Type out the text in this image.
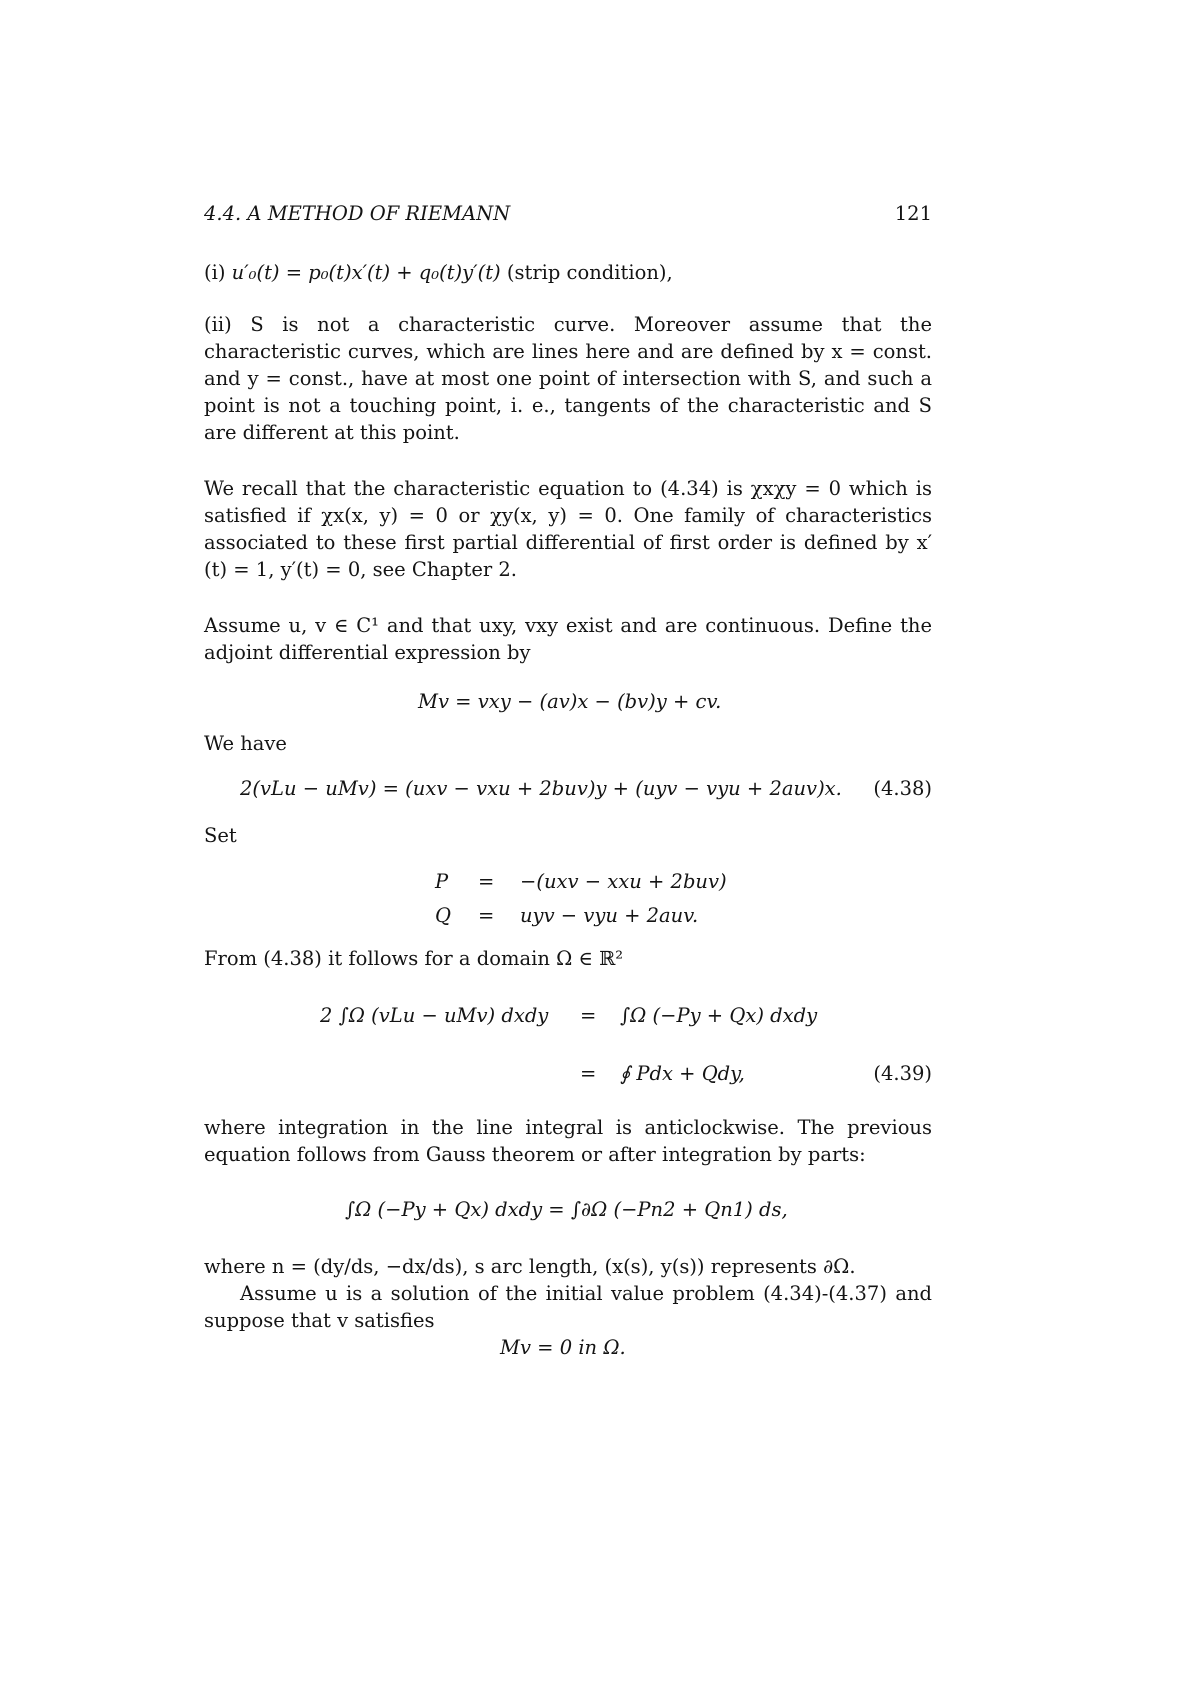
4.4. A METHOD OF RIEMANN	121
(i) u′₀(t) = p₀(t)x′(t) + q₀(t)y′(t) (strip condition),

(ii) S is not a characteristic curve. Moreover assume that the characteristic curves, which are lines here and are defined by x = const. and y = const., have at most one point of intersection with S, and such a point is not a touching point, i. e., tangents of the characteristic and S are different at this point.

We recall that the characteristic equation to (4.34) is χxχy = 0 which is satisfied if χx(x, y) = 0 or χy(x, y) = 0. One family of characteristics associated to these first partial differential of first order is defined by x′(t) = 1, y′(t) = 0, see Chapter 2.

Assume u, v ∈ C¹ and that uxy, vxy exist and are continuous. Define the adjoint differential expression by

Mv = vxy − (av)x − (bv)y + cv.

We have

2(vLu − uMv) = (uxv − vxu + 2buv)y + (uyv − vyu + 2auv)x. (4.38)

Set

P = −(uxv − xxu + 2buv)
Q = uyv − vyu + 2auv.

From (4.38) it follows for a domain Ω ∈ ℝ²

2 ∫Ω (vLu − uMv) dxdy = ∫Ω (−Py + Qx) dxdy
= ∮ Pdx + Qdy,	(4.39)

where integration in the line integral is anticlockwise. The previous equation follows from Gauss theorem or after integration by parts:

∫Ω (−Py + Qx) dxdy = ∫∂Ω (−Pn2 + Qn1) ds,

where n = (dy/ds, −dx/ds), s arc length, (x(s), y(s)) represents ∂Ω.

Assume u is a solution of the initial value problem (4.34)-(4.37) and suppose that v satisfies

Mv = 0 in Ω.
